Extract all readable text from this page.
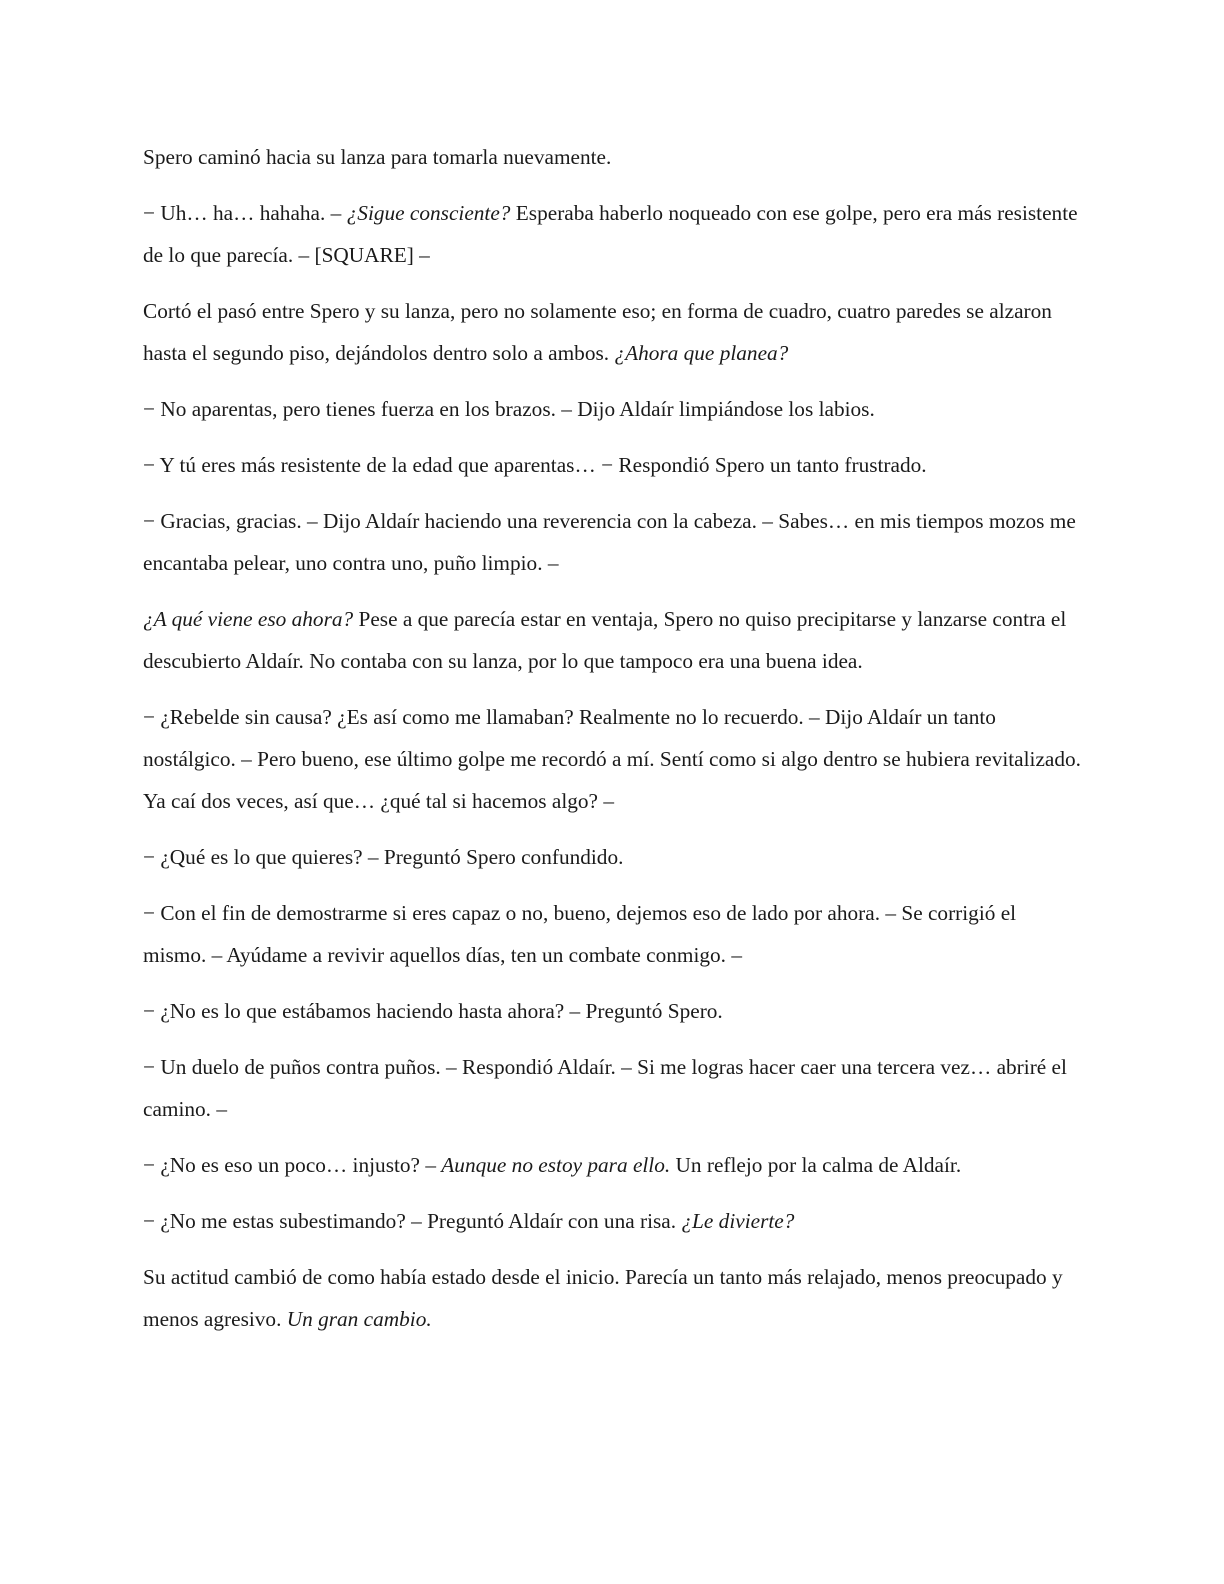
Spero caminó hacia su lanza para tomarla nuevamente.

− Uh… ha… hahaha. – ¿Sigue consciente? Esperaba haberlo noqueado con ese golpe, pero era más resistente de lo que parecía. – [SQUARE] –

Cortó el pasó entre Spero y su lanza, pero no solamente eso; en forma de cuadro, cuatro paredes se alzaron hasta el segundo piso, dejándolos dentro solo a ambos. ¿Ahora que planea?

− No aparentas, pero tienes fuerza en los brazos. – Dijo Aldaír limpiándose los labios.

− Y tú eres más resistente de la edad que aparentas… − Respondió Spero un tanto frustrado.

− Gracias, gracias. – Dijo Aldaír haciendo una reverencia con la cabeza. – Sabes… en mis tiempos mozos me encantaba pelear, uno contra uno, puño limpio. –

¿A qué viene eso ahora? Pese a que parecía estar en ventaja, Spero no quiso precipitarse y lanzarse contra el descubierto Aldaír. No contaba con su lanza, por lo que tampoco era una buena idea.

− ¿Rebelde sin causa? ¿Es así como me llamaban? Realmente no lo recuerdo. – Dijo Aldaír un tanto nostálgico. – Pero bueno, ese último golpe me recordó a mí. Sentí como si algo dentro se hubiera revitalizado. Ya caí dos veces, así que… ¿qué tal si hacemos algo? –

− ¿Qué es lo que quieres? – Preguntó Spero confundido.

− Con el fin de demostrarme si eres capaz o no, bueno, dejemos eso de lado por ahora. – Se corrigió el mismo. – Ayúdame a revivir aquellos días, ten un combate conmigo. –

− ¿No es lo que estábamos haciendo hasta ahora? – Preguntó Spero.

− Un duelo de puños contra puños. – Respondió Aldaír. – Si me logras hacer caer una tercera vez… abriré el camino. –

− ¿No es eso un poco… injusto? – Aunque no estoy para ello. Un reflejo por la calma de Aldaír.

− ¿No me estas subestimando? – Preguntó Aldaír con una risa. ¿Le divierte?

Su actitud cambió de como había estado desde el inicio. Parecía un tanto más relajado, menos preocupado y menos agresivo. Un gran cambio.
